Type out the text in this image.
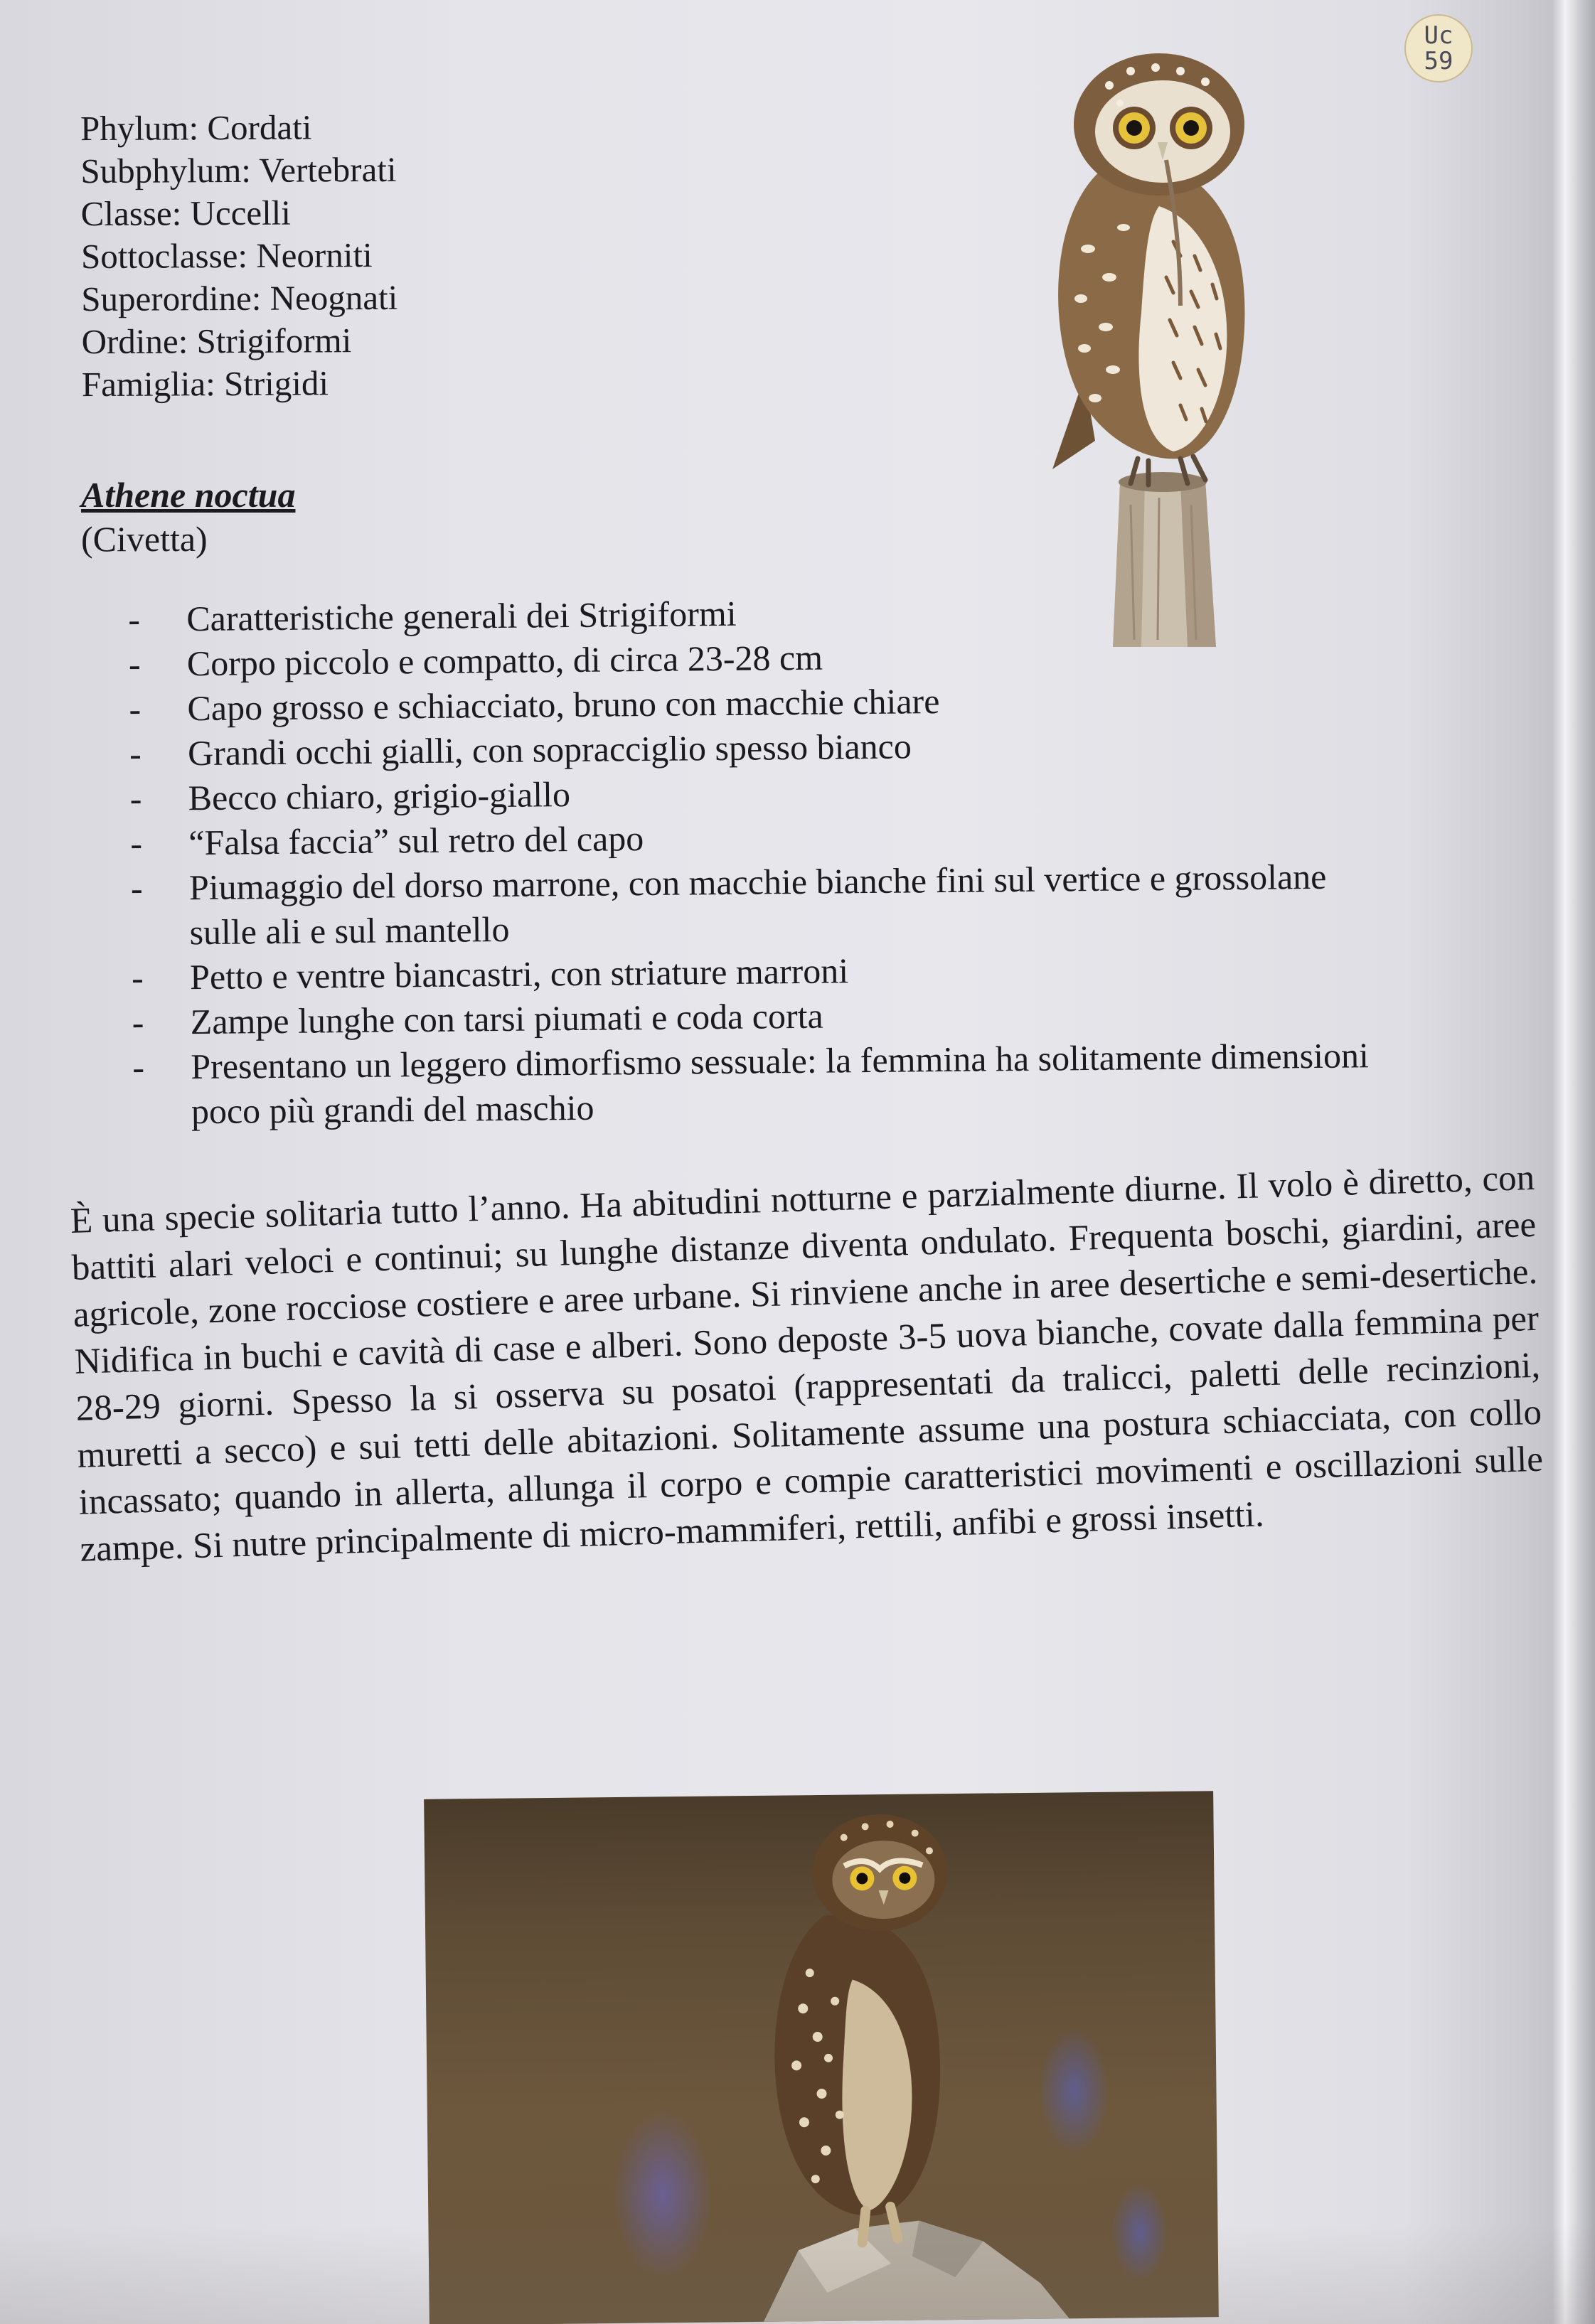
Uc
59
Phylum: Cordati
Subphylum: Vertebrati
Classe: Uccelli
Sottoclasse: Neorniti
Superordine: Neognati
Ordine: Strigiformi
Famiglia: Strigidi
Athene noctua
(Civetta)
- Caratteristiche generali dei Strigiformi
- Corpo piccolo e compatto, di circa 23-28 cm
- Capo grosso e schiacciato, bruno con macchie chiare
- Grandi occhi gialli, con sopracciglio spesso bianco
- Becco chiaro, grigio-giallo
- “Falsa faccia” sul retro del capo
- Piumaggio del dorso marrone, con macchie bianche fini sul vertice e grossolane sulle ali e sul mantello
- Petto e ventre biancastri, con striature marroni
- Zampe lunghe con tarsi piumati e coda corta
- Presentano un leggero dimorfismo sessuale: la femmina ha solitamente dimensioni poco più grandi del maschio

È una specie solitaria tutto l’anno. Ha abitudini notturne e parzialmente diurne. Il volo è diretto, con battiti alari veloci e continui; su lunghe distanze diventa ondulato. Frequenta boschi, giardini, aree agricole, zone rocciose costiere e aree urbane. Si rinviene anche in aree desertiche e semi-desertiche. Nidifica in buchi e cavità di case e alberi. Sono deposte 3-5 uova bianche, covate dalla femmina per 28-29 giorni. Spesso la si osserva su posatoi (rappresentati da tralicci, paletti delle recinzioni, muretti a secco) e sui tetti delle abitazioni. Solitamente assume una postura schiacciata, con collo incassato; quando in allerta, allunga il corpo e compie caratteristici movimenti e oscillazioni sulle zampe. Si nutre principalmente di micro-mammiferi, rettili, anfibi e grossi insetti.
